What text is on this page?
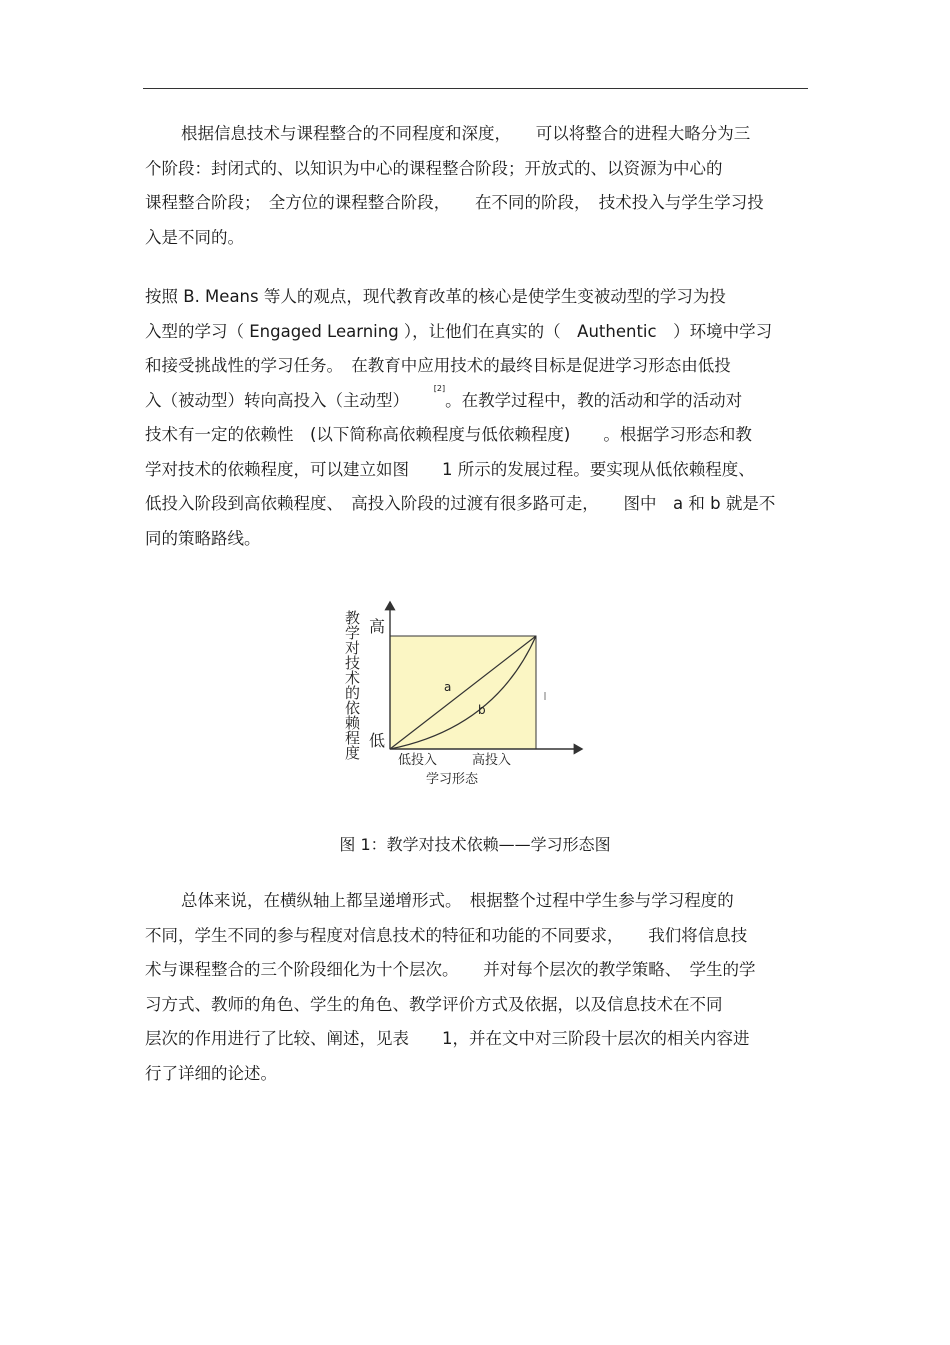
根据信息技术与课程整合的不同程度和深度，　　可以将整合的进程大略分为三
个阶段：封闭式的、以知识为中心的课程整合阶段；开放式的、以资源为中心的
课程整合阶段；　全方位的课程整合阶段，　　在不同的阶段，　技术投入与学生学习投
入是不同的。
按照 B. Means 等人的观点，现代教育改革的核心是使学生变被动型的学习为投
入型的学习（ Engaged Learning ），让他们在真实的（　Authentic　）环境中学习
和接受挑战性的学习任务。　在教育中应用技术的最终目标是促进学习形态由低投
入（被动型）转向高投入（主动型）　　[2]。在教学过程中，教的活动和学的活动对
技术有一定的依赖性　(以下简称高依赖程度与低依赖程度)　　。根据学习形态和教
学对技术的依赖程度，可以建立如图　　1 所示的发展过程。要实现从低依赖程度、
低投入阶段到高依赖程度、　高投入阶段的过渡有很多路可走，　　图中　a 和 b 就是不
同的策略路线。
a
b
高
低
低投入	高投入
学习形态
教学对技术的依赖程度
图 1：教学对技术依赖——学习形态图
总体来说，在横纵轴上都呈递增形式。　根据整个过程中学生参与学习程度的
不同，学生不同的参与程度对信息技术的特征和功能的不同要求，　　我们将信息技
术与课程整合的三个阶段细化为十个层次。　　并对每个层次的教学策略、　学生的学
习方式、教师的角色、学生的角色、教学评价方式及依据，以及信息技术在不同
层次的作用进行了比较、阐述，见表　　1，并在文中对三阶段十层次的相关内容进
行了详细的论述。
